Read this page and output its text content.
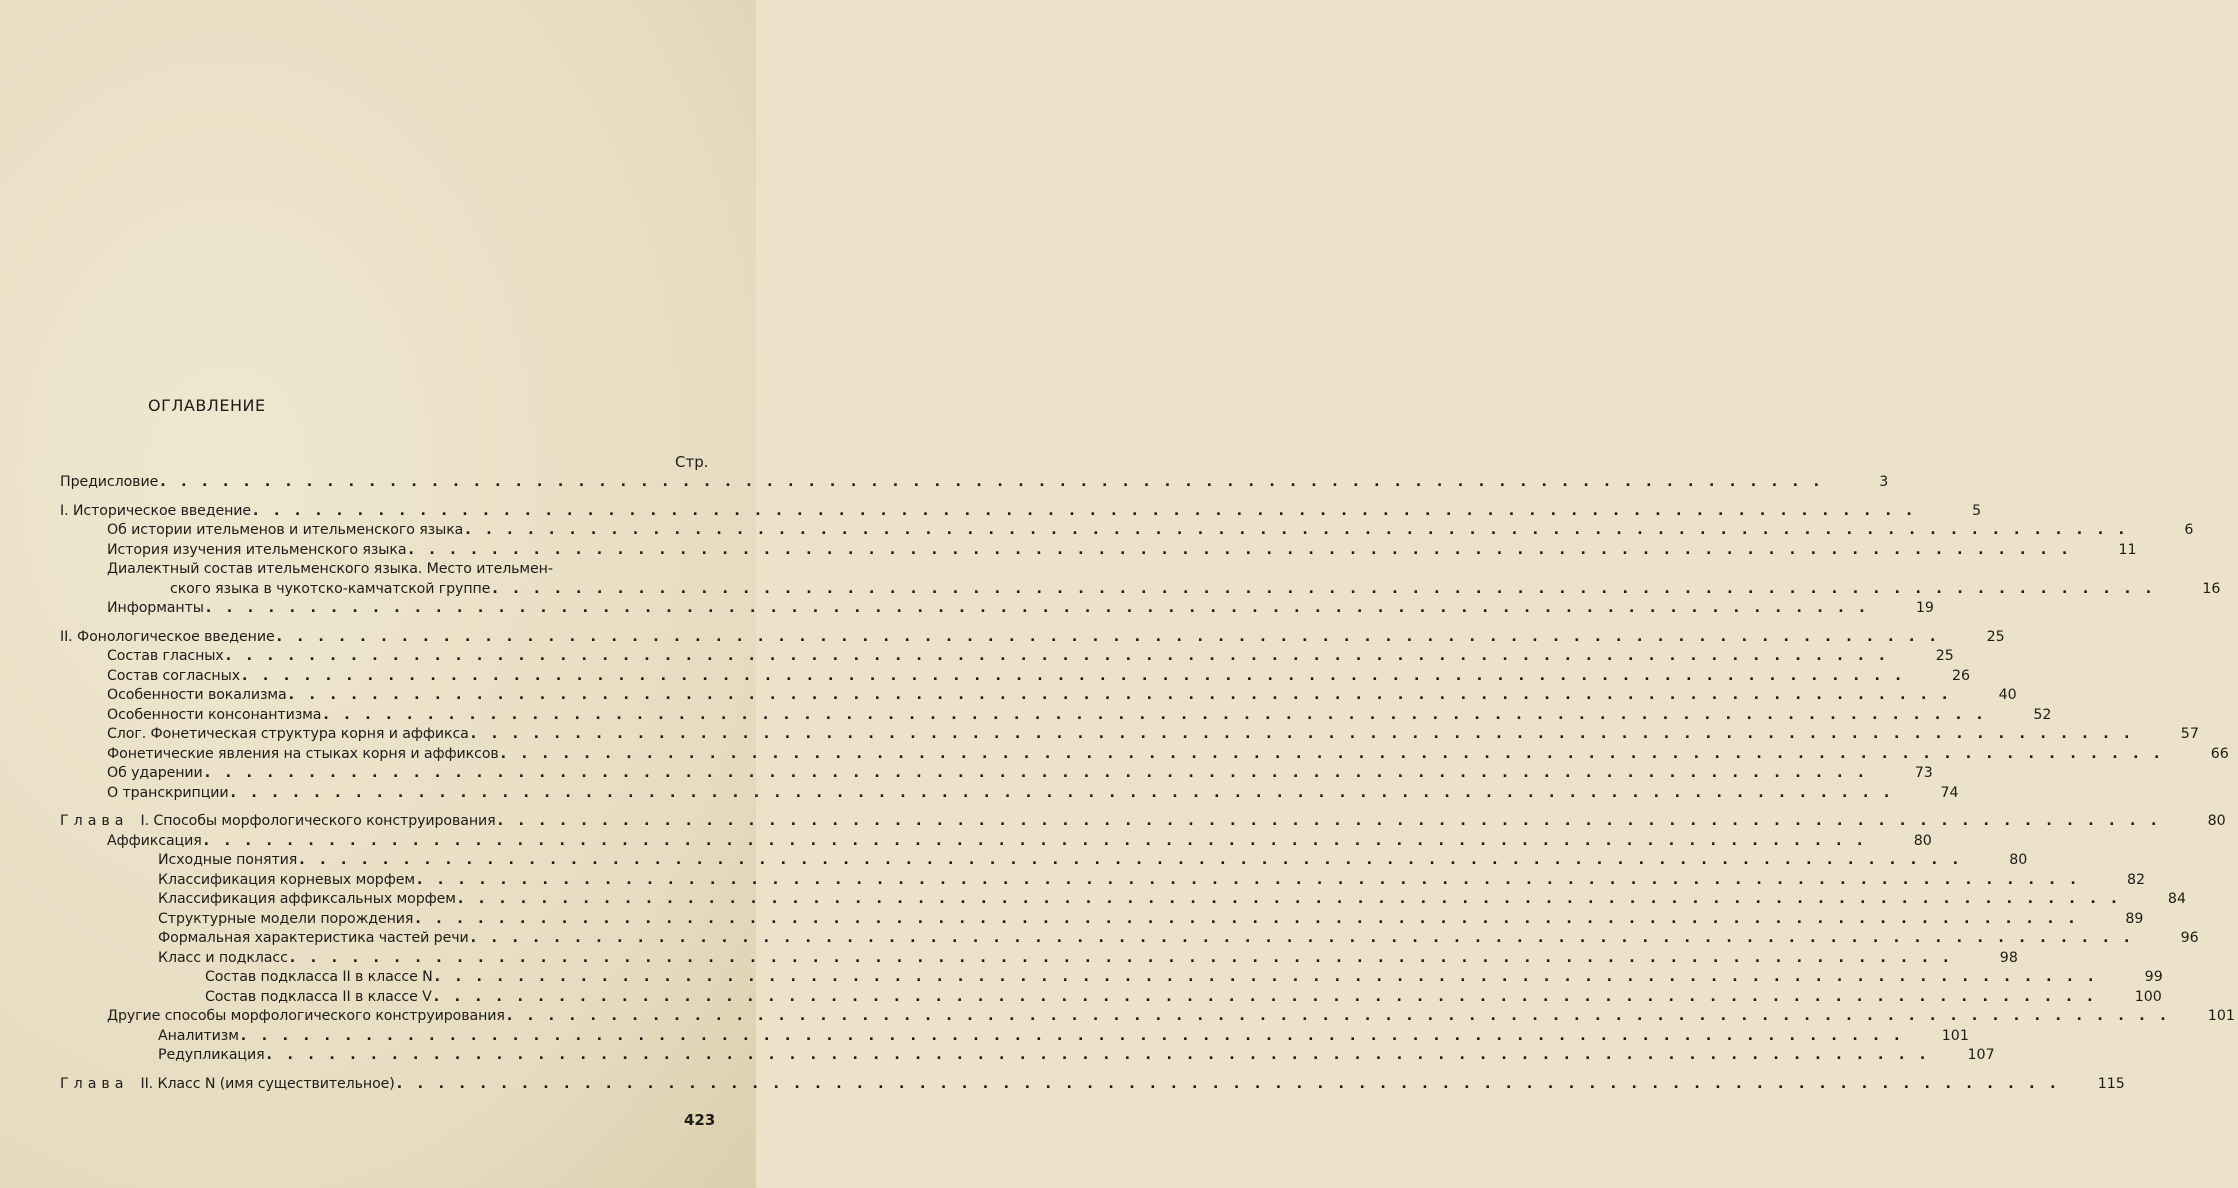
ОГЛАВЛЕНИЕ
Стр.
Предисловие . . . . . . . . . . . . . . . . . . . . . . . . . . . . . . . . . . . . . . . . . . . . . . . . . . . . . . . . . . . . . . . . . . . . . . . . . . . . . . . .	3
I. Историческое введение . . . . . . . . . . . . . . . . . . . . . . . . . . . . . . . . . . . . . . . . . . . . . . . . . . . . . . . . . . . . . . . . . . . . . . . . . . . . . . . .	5
Об истории ительменов и ительменского языка . . . . . . . . . . . . . . . . . . . . . . . . . . . . . . . . . . . . . . . . . . . . . . . . . . . . . . . . . . . . . . . . . . . . . . . . . . . . . . . .	6
История изучения ительменского языка . . . . . . . . . . . . . . . . . . . . . . . . . . . . . . . . . . . . . . . . . . . . . . . . . . . . . . . . . . . . . . . . . . . . . . . . . . . . . . . .	11
Диалектный состав ительменского языка. Место ительмен-
ского языка в чукотско-камчатской группе . . . . . . . . . . . . . . . . . . . . . . . . . . . . . . . . . . . . . . . . . . . . . . . . . . . . . . . . . . . . . . . . . . . . . . . . . . . . . . . .	16
Информанты . . . . . . . . . . . . . . . . . . . . . . . . . . . . . . . . . . . . . . . . . . . . . . . . . . . . . . . . . . . . . . . . . . . . . . . . . . . . . . . .	19
II. Фонологическое введение . . . . . . . . . . . . . . . . . . . . . . . . . . . . . . . . . . . . . . . . . . . . . . . . . . . . . . . . . . . . . . . . . . . . . . . . . . . . . . . .	25
Состав гласных . . . . . . . . . . . . . . . . . . . . . . . . . . . . . . . . . . . . . . . . . . . . . . . . . . . . . . . . . . . . . . . . . . . . . . . . . . . . . . . .	25
Состав согласных . . . . . . . . . . . . . . . . . . . . . . . . . . . . . . . . . . . . . . . . . . . . . . . . . . . . . . . . . . . . . . . . . . . . . . . . . . . . . . . .	26
Особенности вокализма . . . . . . . . . . . . . . . . . . . . . . . . . . . . . . . . . . . . . . . . . . . . . . . . . . . . . . . . . . . . . . . . . . . . . . . . . . . . . . . .	40
Особенности консонантизма . . . . . . . . . . . . . . . . . . . . . . . . . . . . . . . . . . . . . . . . . . . . . . . . . . . . . . . . . . . . . . . . . . . . . . . . . . . . . . . .	52
Слог. Фонетическая структура корня и аффикса . . . . . . . . . . . . . . . . . . . . . . . . . . . . . . . . . . . . . . . . . . . . . . . . . . . . . . . . . . . . . . . . . . . . . . . . . . . . . . . .	57
Фонетические явления на стыках корня и аффиксов . . . . . . . . . . . . . . . . . . . . . . . . . . . . . . . . . . . . . . . . . . . . . . . . . . . . . . . . . . . . . . . . . . . . . . . . . . . . . . . .	66
Об ударении . . . . . . . . . . . . . . . . . . . . . . . . . . . . . . . . . . . . . . . . . . . . . . . . . . . . . . . . . . . . . . . . . . . . . . . . . . . . . . . .	73
О транскрипции . . . . . . . . . . . . . . . . . . . . . . . . . . . . . . . . . . . . . . . . . . . . . . . . . . . . . . . . . . . . . . . . . . . . . . . . . . . . . . . .	74
Глава I. Способы морфологического конструирования . . . . . . . . . . . . . . . . . . . . . . . . . . . . . . . . . . . . . . . . . . . . . . . . . . . . . . . . . . . . . . . . . . . . . . . . . . . . . . . .	80
Аффиксация . . . . . . . . . . . . . . . . . . . . . . . . . . . . . . . . . . . . . . . . . . . . . . . . . . . . . . . . . . . . . . . . . . . . . . . . . . . . . . . .	80
Исходные понятия . . . . . . . . . . . . . . . . . . . . . . . . . . . . . . . . . . . . . . . . . . . . . . . . . . . . . . . . . . . . . . . . . . . . . . . . . . . . . . . .	80
Классификация корневых морфем . . . . . . . . . . . . . . . . . . . . . . . . . . . . . . . . . . . . . . . . . . . . . . . . . . . . . . . . . . . . . . . . . . . . . . . . . . . . . . . .	82
Классификация аффиксальных морфем . . . . . . . . . . . . . . . . . . . . . . . . . . . . . . . . . . . . . . . . . . . . . . . . . . . . . . . . . . . . . . . . . . . . . . . . . . . . . . . .	84
Структурные модели порождения . . . . . . . . . . . . . . . . . . . . . . . . . . . . . . . . . . . . . . . . . . . . . . . . . . . . . . . . . . . . . . . . . . . . . . . . . . . . . . . .	89
Формальная характеристика частей речи . . . . . . . . . . . . . . . . . . . . . . . . . . . . . . . . . . . . . . . . . . . . . . . . . . . . . . . . . . . . . . . . . . . . . . . . . . . . . . . .	96
Класс и подкласс . . . . . . . . . . . . . . . . . . . . . . . . . . . . . . . . . . . . . . . . . . . . . . . . . . . . . . . . . . . . . . . . . . . . . . . . . . . . . . . .	98
Состав подкласса II в классе N . . . . . . . . . . . . . . . . . . . . . . . . . . . . . . . . . . . . . . . . . . . . . . . . . . . . . . . . . . . . . . . . . . . . . . . . . . . . . . . .	99
Состав подкласса II в классе V . . . . . . . . . . . . . . . . . . . . . . . . . . . . . . . . . . . . . . . . . . . . . . . . . . . . . . . . . . . . . . . . . . . . . . . . . . . . . . . .	100
Другие способы морфологического конструирования . . . . . . . . . . . . . . . . . . . . . . . . . . . . . . . . . . . . . . . . . . . . . . . . . . . . . . . . . . . . . . . . . . . . . . . . . . . . . . . .	101
Аналитизм . . . . . . . . . . . . . . . . . . . . . . . . . . . . . . . . . . . . . . . . . . . . . . . . . . . . . . . . . . . . . . . . . . . . . . . . . . . . . . . .	101
Редупликация . . . . . . . . . . . . . . . . . . . . . . . . . . . . . . . . . . . . . . . . . . . . . . . . . . . . . . . . . . . . . . . . . . . . . . . . . . . . . . . .	107
Глава II. Класс N (имя существительное) . . . . . . . . . . . . . . . . . . . . . . . . . . . . . . . . . . . . . . . . . . . . . . . . . . . . . . . . . . . . . . . . . . . . . . . . . . . . . . . .	115
423
